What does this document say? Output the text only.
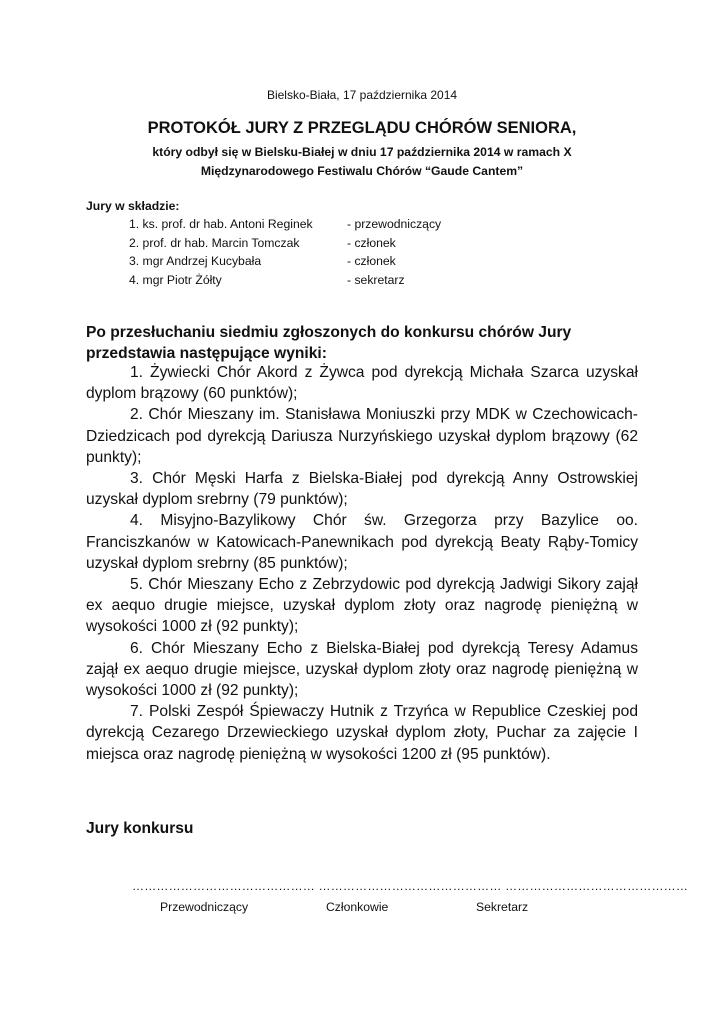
Bielsko-Biała, 17 października 2014
PROTOKÓŁ JURY Z PRZEGLĄDU CHÓRÓW SENIORA,
który odbył się w Bielsku-Białej w dniu 17 października 2014 w ramach X
Międzynarodowego Festiwalu Chórów “Gaude Cantem”
Jury w składzie:
1. ks. prof. dr hab. Antoni Reginek	- przewodniczący
2. prof. dr hab. Marcin Tomczak	- członek
3. mgr Andrzej Kucybała	- członek
4. mgr Piotr Żółty	- sekretarz
Po przesłuchaniu siedmiu zgłoszonych do konkursu chórów Jury przedstawia następujące wyniki:
1. Żywiecki Chór Akord z Żywca pod dyrekcją Michała Szarca uzyskał dyplom brązowy (60 punktów);
2. Chór Mieszany im. Stanisława Moniuszki przy MDK w Czechowicach-Dziedzicach pod dyrekcją Dariusza Nurzyńskiego uzyskał dyplom brązowy (62 punkty);
3. Chór Męski Harfa z Bielska-Białej pod dyrekcją Anny Ostrowskiej uzyskał dyplom srebrny (79 punktów);
4. Misyjno-Bazylikowy Chór św. Grzegorza przy Bazylice oo. Franciszkanów w Katowicach-Panewnikach pod dyrekcją Beaty Rąby-Tomicy uzyskał dyplom srebrny (85 punktów);
5. Chór Mieszany Echo z Zebrzydowic pod dyrekcją Jadwigi Sikory zajął ex aequo drugie miejsce, uzyskał dyplom złoty oraz nagrodę pieniężną w wysokości 1000 zł (92 punkty);
6. Chór Mieszany Echo z Bielska-Białej pod dyrekcją Teresy Adamus zajął ex aequo drugie miejsce, uzyskał dyplom złoty oraz nagrodę pieniężną w wysokości 1000 zł (92 punkty);
7. Polski Zespół Śpiewaczy Hutnik z Trzyńca w Republice Czeskiej pod dyrekcją Cezarego Drzewieckiego uzyskał dyplom złoty, Puchar za zajęcie I miejsca oraz nagrodę pieniężną w wysokości 1200 zł (95 punktów).
Jury konkursu
……………………………………… ……………………………………… ………………………………………
Przewodniczący	Członkowie	Sekretarz
